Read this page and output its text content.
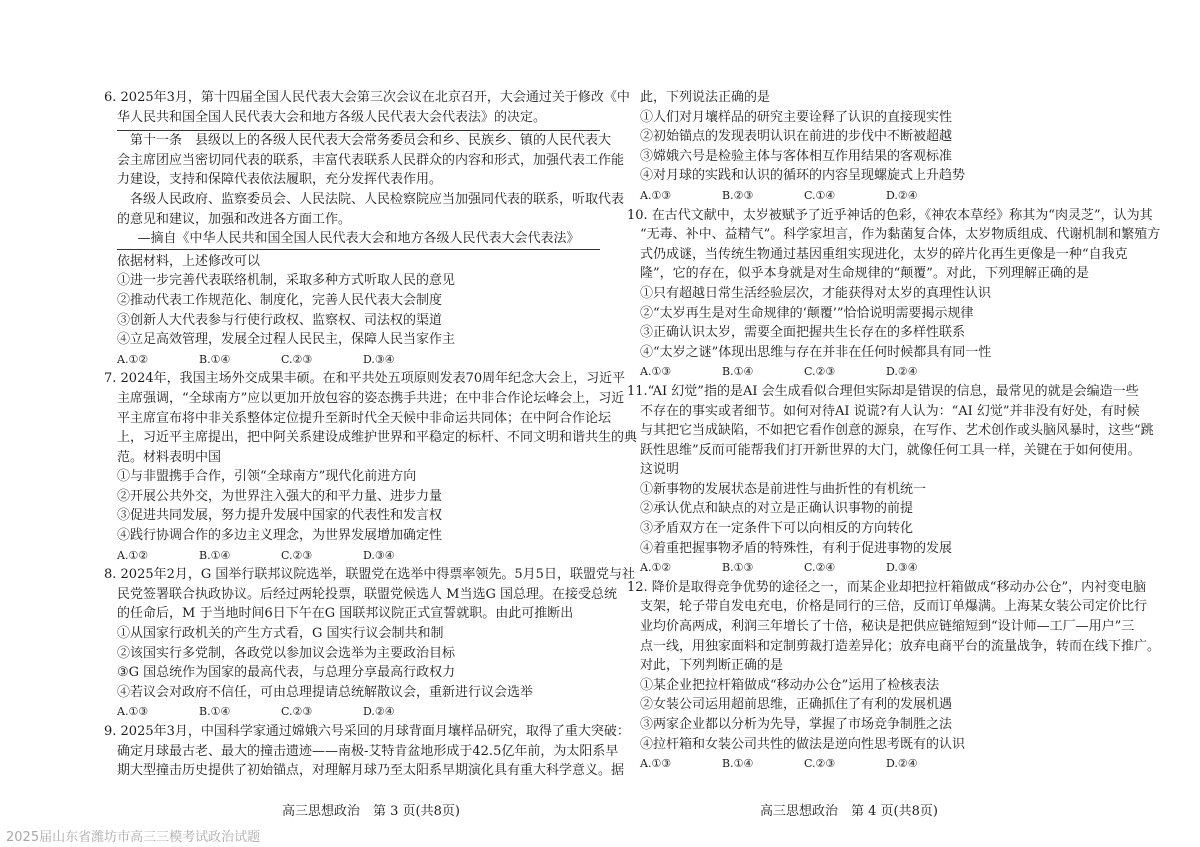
6. 2025年3月，第十四届全国人民代表大会第三次会议在北京召开，大会通过关于修改《中
华人民共和国全国人民代表大会和地方各级人民代表大会代表法》的决定。
第十一条　县级以上的各级人民代表大会常务委员会和乡、民族乡、镇的人民代表大
会主席团应当密切同代表的联系，丰富代表联系人民群众的内容和形式，加强代表工作能
力建设，支持和保障代表依法履职，充分发挥代表作用。
各级人民政府、监察委员会、人民法院、人民检察院应当加强同代表的联系，听取代表
的意见和建议，加强和改进各方面工作。
—摘自《中华人民共和国全国人民代表大会和地方各级人民代表大会代表法》
依据材料，上述修改可以
①进一步完善代表联络机制，采取多种方式听取人民的意见
②推动代表工作规范化、制度化，完善人民代表大会制度
③创新人大代表参与行使行政权、监察权、司法权的渠道
④立足高效管理，发展全过程人民民主，保障人民当家作主
A.①②	B.①④	C.②③	D.③④
7. 2024年，我国主场外交成果丰硕。在和平共处五项原则发表70周年纪念大会上，习近平
主席强调，“全球南方”应以更加开放包容的姿态携手共进；在中非合作论坛峰会上，习近
平主席宣布将中非关系整体定位提升至新时代全天候中非命运共同体；在中阿合作论坛
上，习近平主席提出，把中阿关系建设成维护世界和平稳定的标杆、不同文明和谐共生的典
范。材料表明中国
①与非盟携手合作，引领“全球南方”现代化前进方向
②开展公共外交，为世界注入强大的和平力量、进步力量
③促进共同发展，努力提升发展中国家的代表性和发言权
④践行协调合作的多边主义理念，为世界发展增加确定性
A.①②	B.①④	C.②③	D.③④
8. 2025年2月，G 国举行联邦议院选举，联盟党在选举中得票率领先。5月5日，联盟党与社
民党签署联合执政协议。后经过两轮投票，联盟党候选人 M当选G 国总理。在接受总统
的任命后，M 于当地时间6日下午在G 国联邦议院正式宣誓就职。由此可推断出
①从国家行政机关的产生方式看，G 国实行议会制共和制
②该国实行多党制，各政党以参加议会选举为主要政治目标
③G 国总统作为国家的最高代表，与总理分享最高行政权力
④若议会对政府不信任，可由总理提请总统解散议会，重新进行议会选举
A.①③	B.①④	C.②③	D.②④
9. 2025年3月，中国科学家通过嫦娥六号采回的月球背面月壤样品研究，取得了重大突破：
确定月球最古老、最大的撞击遗迹——南极-艾特肯盆地形成于42.5亿年前，为太阳系早
期大型撞击历史提供了初始锚点，对理解月球乃至太阳系早期演化具有重大科学意义。据
此，下列说法正确的是
①人们对月壤样品的研究主要诠释了认识的直接现实性
②初始锚点的发现表明认识在前进的步伐中不断被超越
③嫦娥六号是检验主体与客体相互作用结果的客观标准
④对月球的实践和认识的循环的内容呈现螺旋式上升趋势
A.①③	B.②③	C.①④	D.②④
10. 在古代文献中，太岁被赋予了近乎神话的色彩，《神农本草经》称其为“肉灵芝”，认为其
“无毒、补中、益精气”。科学家坦言，作为黏菌复合体，太岁物质组成、代谢机制和繁殖方
式仍成谜，当传统生物通过基因重组实现进化，太岁的碎片化再生更像是一种“自我克
隆”，它的存在，似乎本身就是对生命规律的“颠覆”。对此，下列理解正确的是
①只有超越日常生活经验层次，才能获得对太岁的真理性认识
②“太岁再生是对生命规律的‘颠覆’”恰恰说明需要揭示规律
③正确认识太岁，需要全面把握共生长存在的多样性联系
④“太岁之谜”体现出思维与存在并非在任何时候都具有同一性
A.①③	B.①④	C.②③	D.②④
11.“AI 幻觉”指的是AI 会生成看似合理但实际却是错误的信息，最常见的就是会编造一些
不存在的事实或者细节。如何对待AI 说谎?有人认为：“AI 幻觉”并非没有好处，有时候
与其把它当成缺陷，不如把它看作创意的源泉，在写作、艺术创作或头脑风暴时，这些“跳
跃性思维”反而可能帮我们打开新世界的大门，就像任何工具一样，关键在于如何使用。
这说明
①新事物的发展状态是前进性与曲折性的有机统一
②承认优点和缺点的对立是正确认识事物的前提
③矛盾双方在一定条件下可以向相反的方向转化
④着重把握事物矛盾的特殊性，有利于促进事物的发展
A.①②	B.①③	C.②④	D.③④
12. 降价是取得竞争优势的途径之一，而某企业却把拉杆箱做成“移动办公仓”，内衬变电脑
支架，轮子带自发电充电，价格是同行的三倍，反而订单爆满。上海某女装公司定价比行
业均价高两成，利润三年增长了十倍，秘诀是把供应链缩短到“设计师—工厂—用户”三
点一线，用独家面料和定制剪裁打造差异化；放弃电商平台的流量战争，转而在线下推广。
对此，下列判断正确的是
①某企业把拉杆箱做成“移动办公仓”运用了检核表法
②女装公司运用超前思维，正确抓住了有利的发展机遇
③两家企业都以分析为先导，掌握了市场竞争制胜之法
④拉杆箱和女装公司共性的做法是逆向性思考既有的认识
A.①③	B.①④	C.②③	D.②④
高三思想政治　第 3 页(共8页)	高三思想政治　第 4 页(共8页)
2025届山东省潍坊市高三三模考试政治试题
